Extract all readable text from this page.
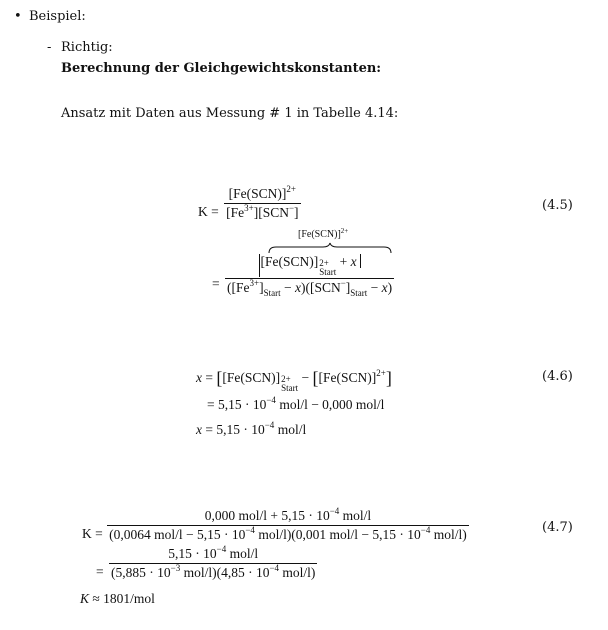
• Beispiel:
- Richtig:
Berechnung der Gleichgewichtskonstanten:
Ansatz mit Daten aus Messung # 1 in Tabelle 4.14:
$K = \frac{[Fe(SCN)]^{2+}}{[Fe^{3+}][SCN^-]}$	(4.5)
$[Fe(SCN)]^{2+}$
= [Fe(SCN)] 2+
Start
+ x
$([Fe^{3+}]_{Start} - x)([SCN^-]_{Start} - x)$
x = [[Fe(SCN)] 2+
Start
− $[[Fe(SCN)]^{2+}]$	(4.6)
= $5,15 \cdot 10^{-4}$ mol/l − 0,000 mol/l
$x = 5,15 \cdot 10^{-4}$ mol/l
K =
0,000 $mol/l + 5,15 \cdot 10^{-4}$ mol/l
(0,0064 $mol/l - 5,15 \cdot 10^{-4}$ mol/l)(0,001 $mol/l - 5,15 \cdot 10^{-4}$ mol/l)	(4.7)
= $\frac{5,15 \cdot 10^{-4} mol/l}{(5,885 \cdot 10^{-3} mol/l)(4,85 \cdot 10^{-4} mol/l)}$
K ≈ 1801/mol
